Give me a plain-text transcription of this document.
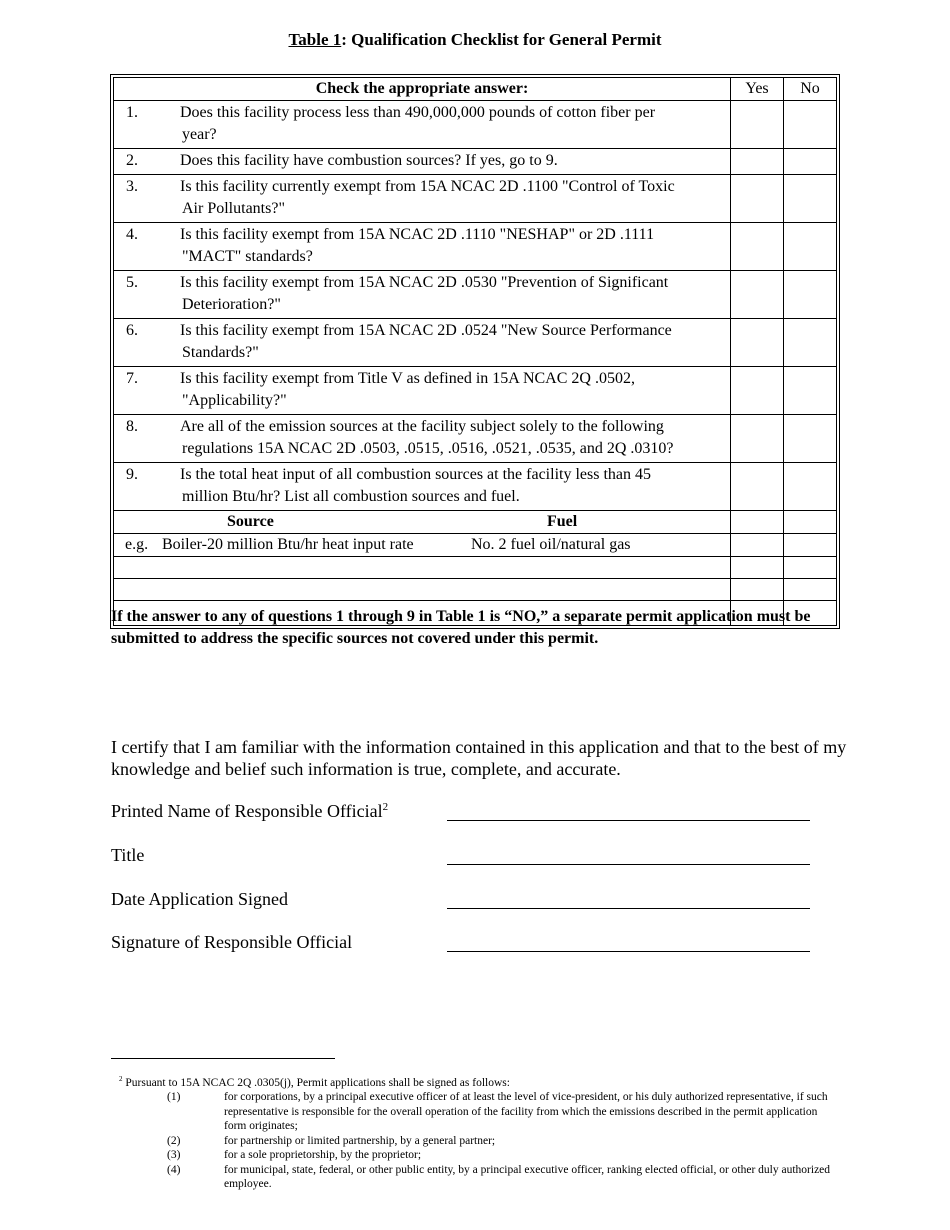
Table 1: Qualification Checklist for General Permit
Check the appropriate answer:	Yes	No

1. Does this facility process less than 490,000,000 pounds of cotton fiber per
year?		

2. Does this facility have combustion sources? If yes, go to 9.		

3. Is this facility currently exempt from 15A NCAC 2D .1100 "Control of Toxic
Air Pollutants?"		

4. Is this facility exempt from 15A NCAC 2D .1110 "NESHAP" or 2D .1111
"MACT" standards?		

5. Is this facility exempt from 15A NCAC 2D .0530 "Prevention of Significant
Deterioration?"		

6. Is this facility exempt from 15A NCAC 2D .0524 "New Source Performance
Standards?"		

7. Is this facility exempt from Title V as defined in 15A NCAC 2Q .0502,
"Applicability?"		

8. Are all of the emission sources at the facility subject solely to the following
regulations 15A NCAC 2D .0503, .0515, .0516, .0521, .0535, and 2Q .0310?		

9. Is the total heat input of all combustion sources at the facility less than 45
million Btu/hr? List all combustion sources and fuel.		

Source Fuel		

e.g. Boiler-20 million Btu/hr heat input rate No. 2 fuel oil/natural gas		

If the answer to any of questions 1 through 9 in Table 1 is “NO,” a separate permit application must be submitted to address the specific sources not covered under this permit.
I certify that I am familiar with the information contained in this application and that to the best of my knowledge and belief such information is true, complete, and accurate.
Printed Name of Responsible Official$^2$
Title
Date Application Signed
Signature of Responsible Official
$^2$ Pursuant to 15A NCAC 2Q .0305(j), Permit applications shall be signed as follows:
(1)	for corporations, by a principal executive officer of at least the level of vice-president, or his duly authorized representative, if such representative is responsible for the overall operation of the facility from which the emissions described in the permit application form originates;
(2)	for partnership or limited partnership, by a general partner;
(3)	for a sole proprietorship, by the proprietor;
(4)	for municipal, state, federal, or other public entity, by a principal executive officer, ranking elected official, or other duly authorized employee.
